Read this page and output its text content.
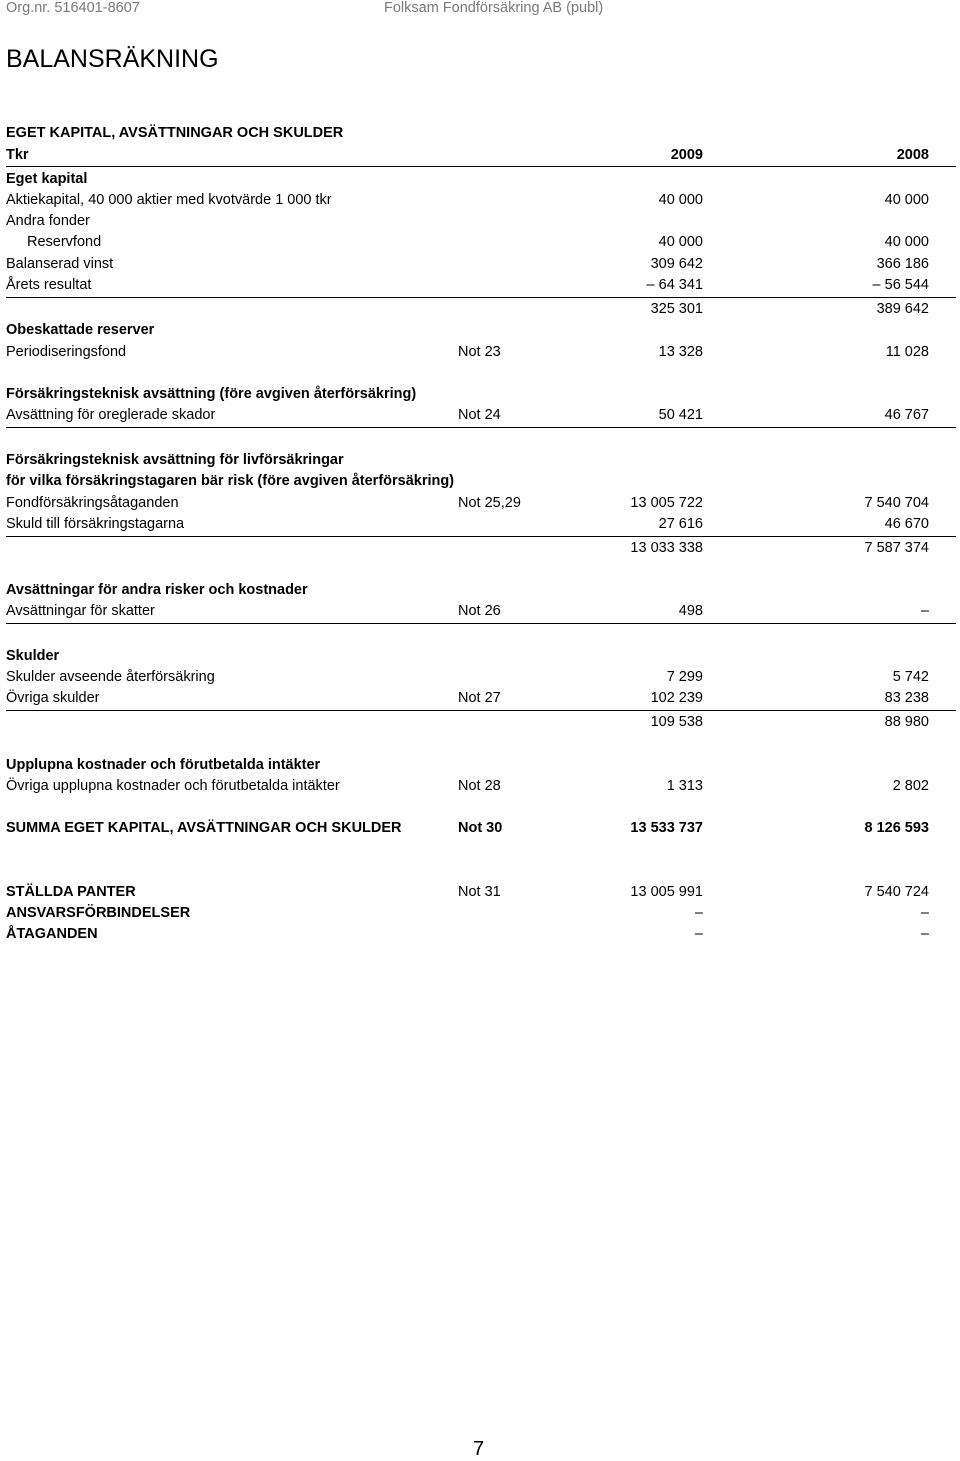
Org.nr. 516401-8607	Folksam Fondförsäkring AB (publ)
BALANSRÄKNING
EGET KAPITAL, AVSÄTTNINGAR OCH SKULDER
Tkr	2009	2008
Eget kapital
Aktiekapital, 40 000 aktier med kvotvärde 1 000 tkr	40 000	40 000
Andra fonder
Reservfond	40 000	40 000
Balanserad vinst	309 642	366 186
Årets resultat	– 64 341	– 56 544
325 301	389 642
Obeskattade reserver
Periodiseringsfond	Not 23	13 328	11 028
Försäkringsteknisk avsättning (före avgiven återförsäkring)
Avsättning för oreglerade skador	Not 24	50 421	46 767
Försäkringsteknisk avsättning för livförsäkringar
för vilka försäkringstagaren bär risk (före avgiven återförsäkring)
Fondförsäkringsåtaganden	Not 25,29	13 005 722	7 540 704
Skuld till försäkringstagarna	27 616	46 670
13 033 338	7 587 374
Avsättningar för andra risker och kostnader
Avsättningar för skatter	Not 26	498	–
Skulder
Skulder avseende återförsäkring	7 299	5 742
Övriga skulder	Not 27	102 239	83 238
109 538	88 980
Upplupna kostnader och förutbetalda intäkter
Övriga upplupna kostnader och förutbetalda intäkter	Not 28	1 313	2 802
SUMMA EGET KAPITAL, AVSÄTTNINGAR OCH SKULDER	Not 30	13 533 737	8 126 593
STÄLLDA PANTER	Not 31	13 005 991	7 540 724
ANSVARSFÖRBINDELSER	–	–
ÅTAGANDEN	–	–
7
